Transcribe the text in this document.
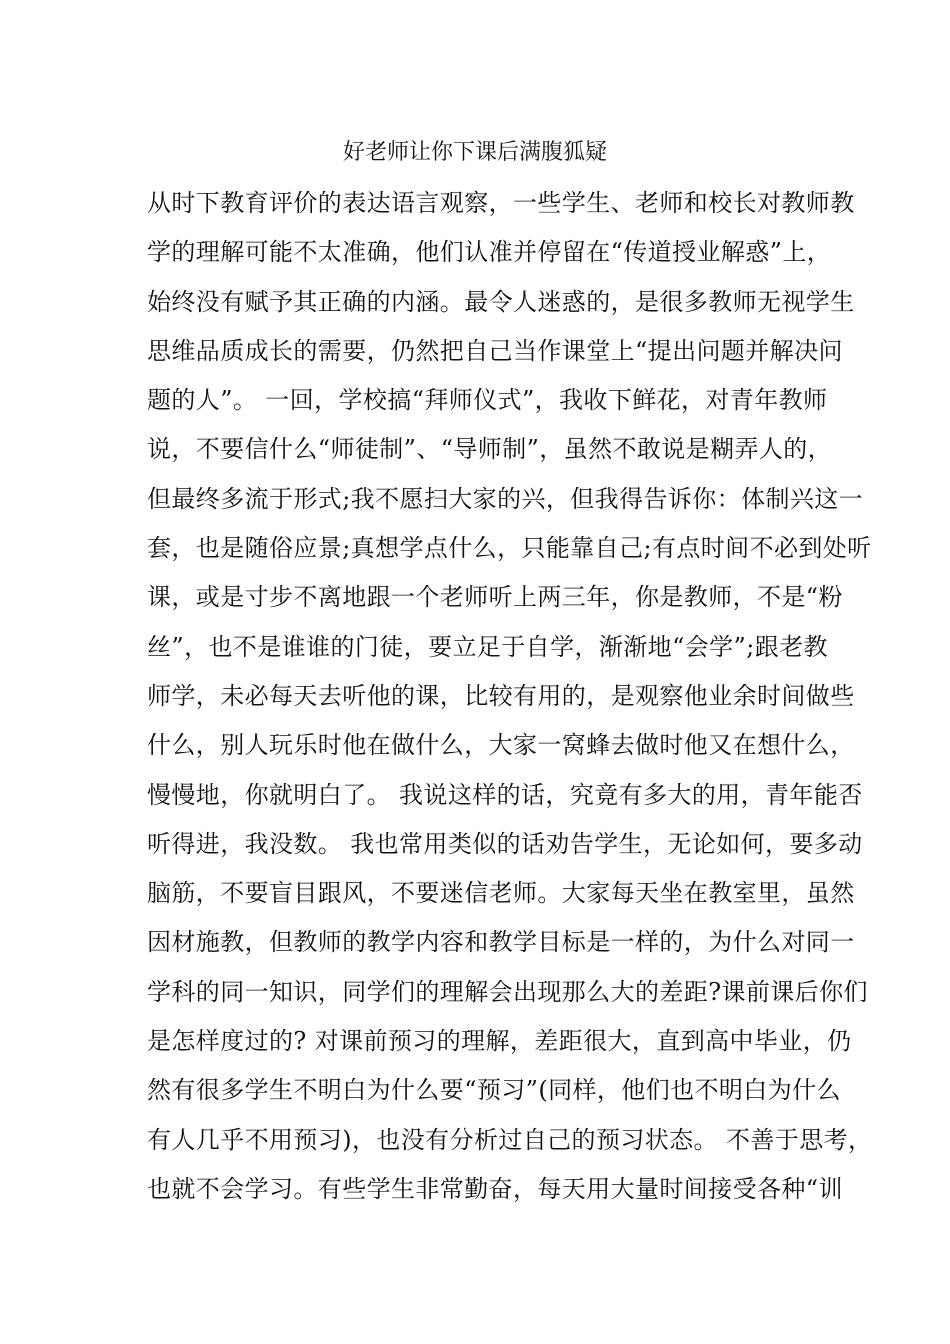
好老师让你下课后满腹狐疑
从时下教育评价的表达语言观察，一些学生、老师和校长对教师教
学的理解可能不太准确，他们认准并停留在“传道授业解惑”上，
始终没有赋予其正确的内涵。最令人迷惑的，是很多教师无视学生
思维品质成长的需要，仍然把自己当作课堂上“提出问题并解决问
题的人”。 一回，学校搞“拜师仪式”，我收下鲜花，对青年教师
说，不要信什么“师徒制”、“导师制”，虽然不敢说是糊弄人的，
但最终多流于形式;我不愿扫大家的兴，但我得告诉你：体制兴这一
套，也是随俗应景;真想学点什么，只能靠自己;有点时间不必到处听
课，或是寸步不离地跟一个老师听上两三年，你是教师，不是“粉
丝”，也不是谁谁的门徒，要立足于自学，渐渐地“会学”;跟老教
师学，未必每天去听他的课，比较有用的，是观察他业余时间做些
什么，别人玩乐时他在做什么，大家一窝蜂去做时他又在想什么，
慢慢地，你就明白了。 我说这样的话，究竟有多大的用，青年能否
听得进，我没数。 我也常用类似的话劝告学生，无论如何，要多动
脑筋，不要盲目跟风，不要迷信老师。大家每天坐在教室里，虽然
因材施教，但教师的教学内容和教学目标是一样的，为什么对同一
学科的同一知识，同学们的理解会出现那么大的差距?课前课后你们
是怎样度过的? 对课前预习的理解，差距很大，直到高中毕业，仍
然有很多学生不明白为什么要“预习”(同样，他们也不明白为什么
有人几乎不用预习)，也没有分析过自己的预习状态。 不善于思考，
也就不会学习。有些学生非常勤奋，每天用大量时间接受各种“训
